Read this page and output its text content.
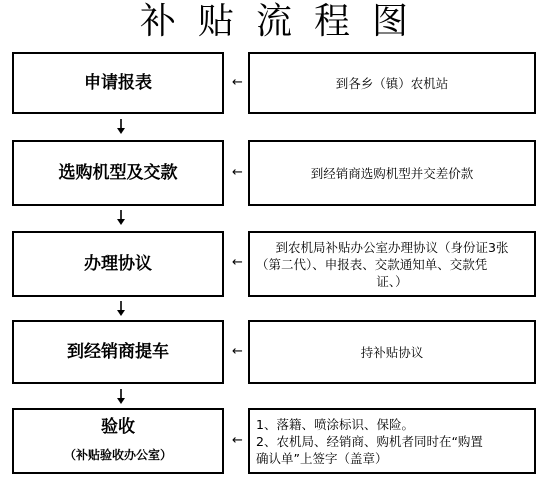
补贴流程图
申请报表	←	到各乡（镇）农机站
选购机型及交款	←	到经销商选购机型并交差价款
办理协议	←
到农机局补贴办公室办理协议（身份证3张
（第二代）、申报表、交款通知单、交款凭
证、）
到经销商提车	←	持补贴协议
验收
（补贴验收办公室）
←
1、落籍、喷涂标识、保险。
2、农机局、经销商、购机者同时在“购置
确认单”上签字（盖章）
